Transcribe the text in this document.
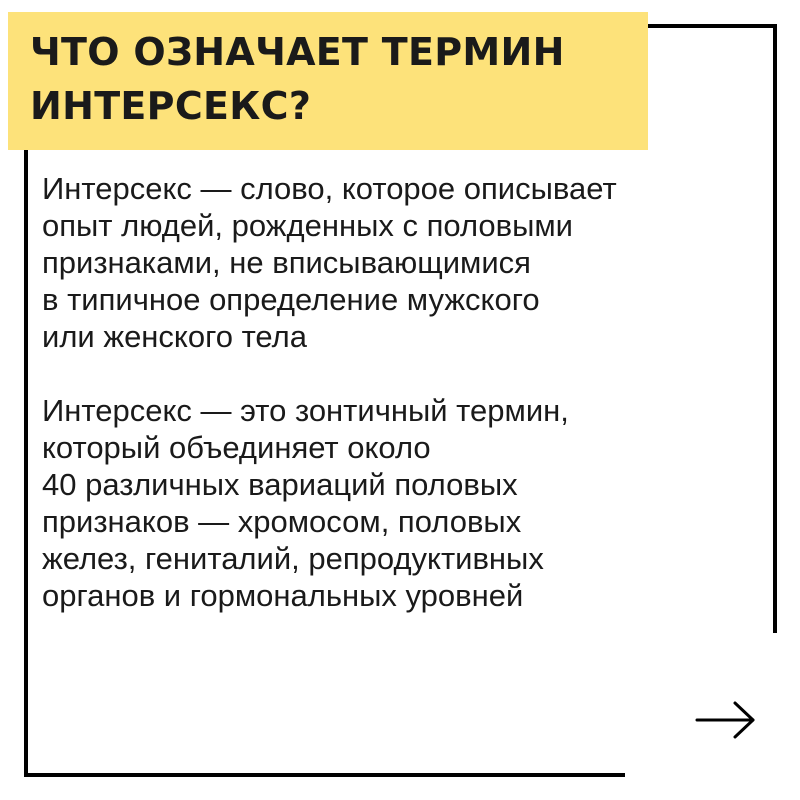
ЧТО ОЗНАЧАЕТ ТЕРМИН
ИНТЕРСЕКС?

Интерсекс — слово, которое описывает
опыт людей, рожденных с половыми
признаками, не вписывающимися
в типичное определение мужского
или женского тела

Интерсекс — это зонтичный термин,
который объединяет около
40 различных вариаций половых
признаков — хромосом, половых
желез, гениталий, репродуктивных
органов и гормональных уровней
